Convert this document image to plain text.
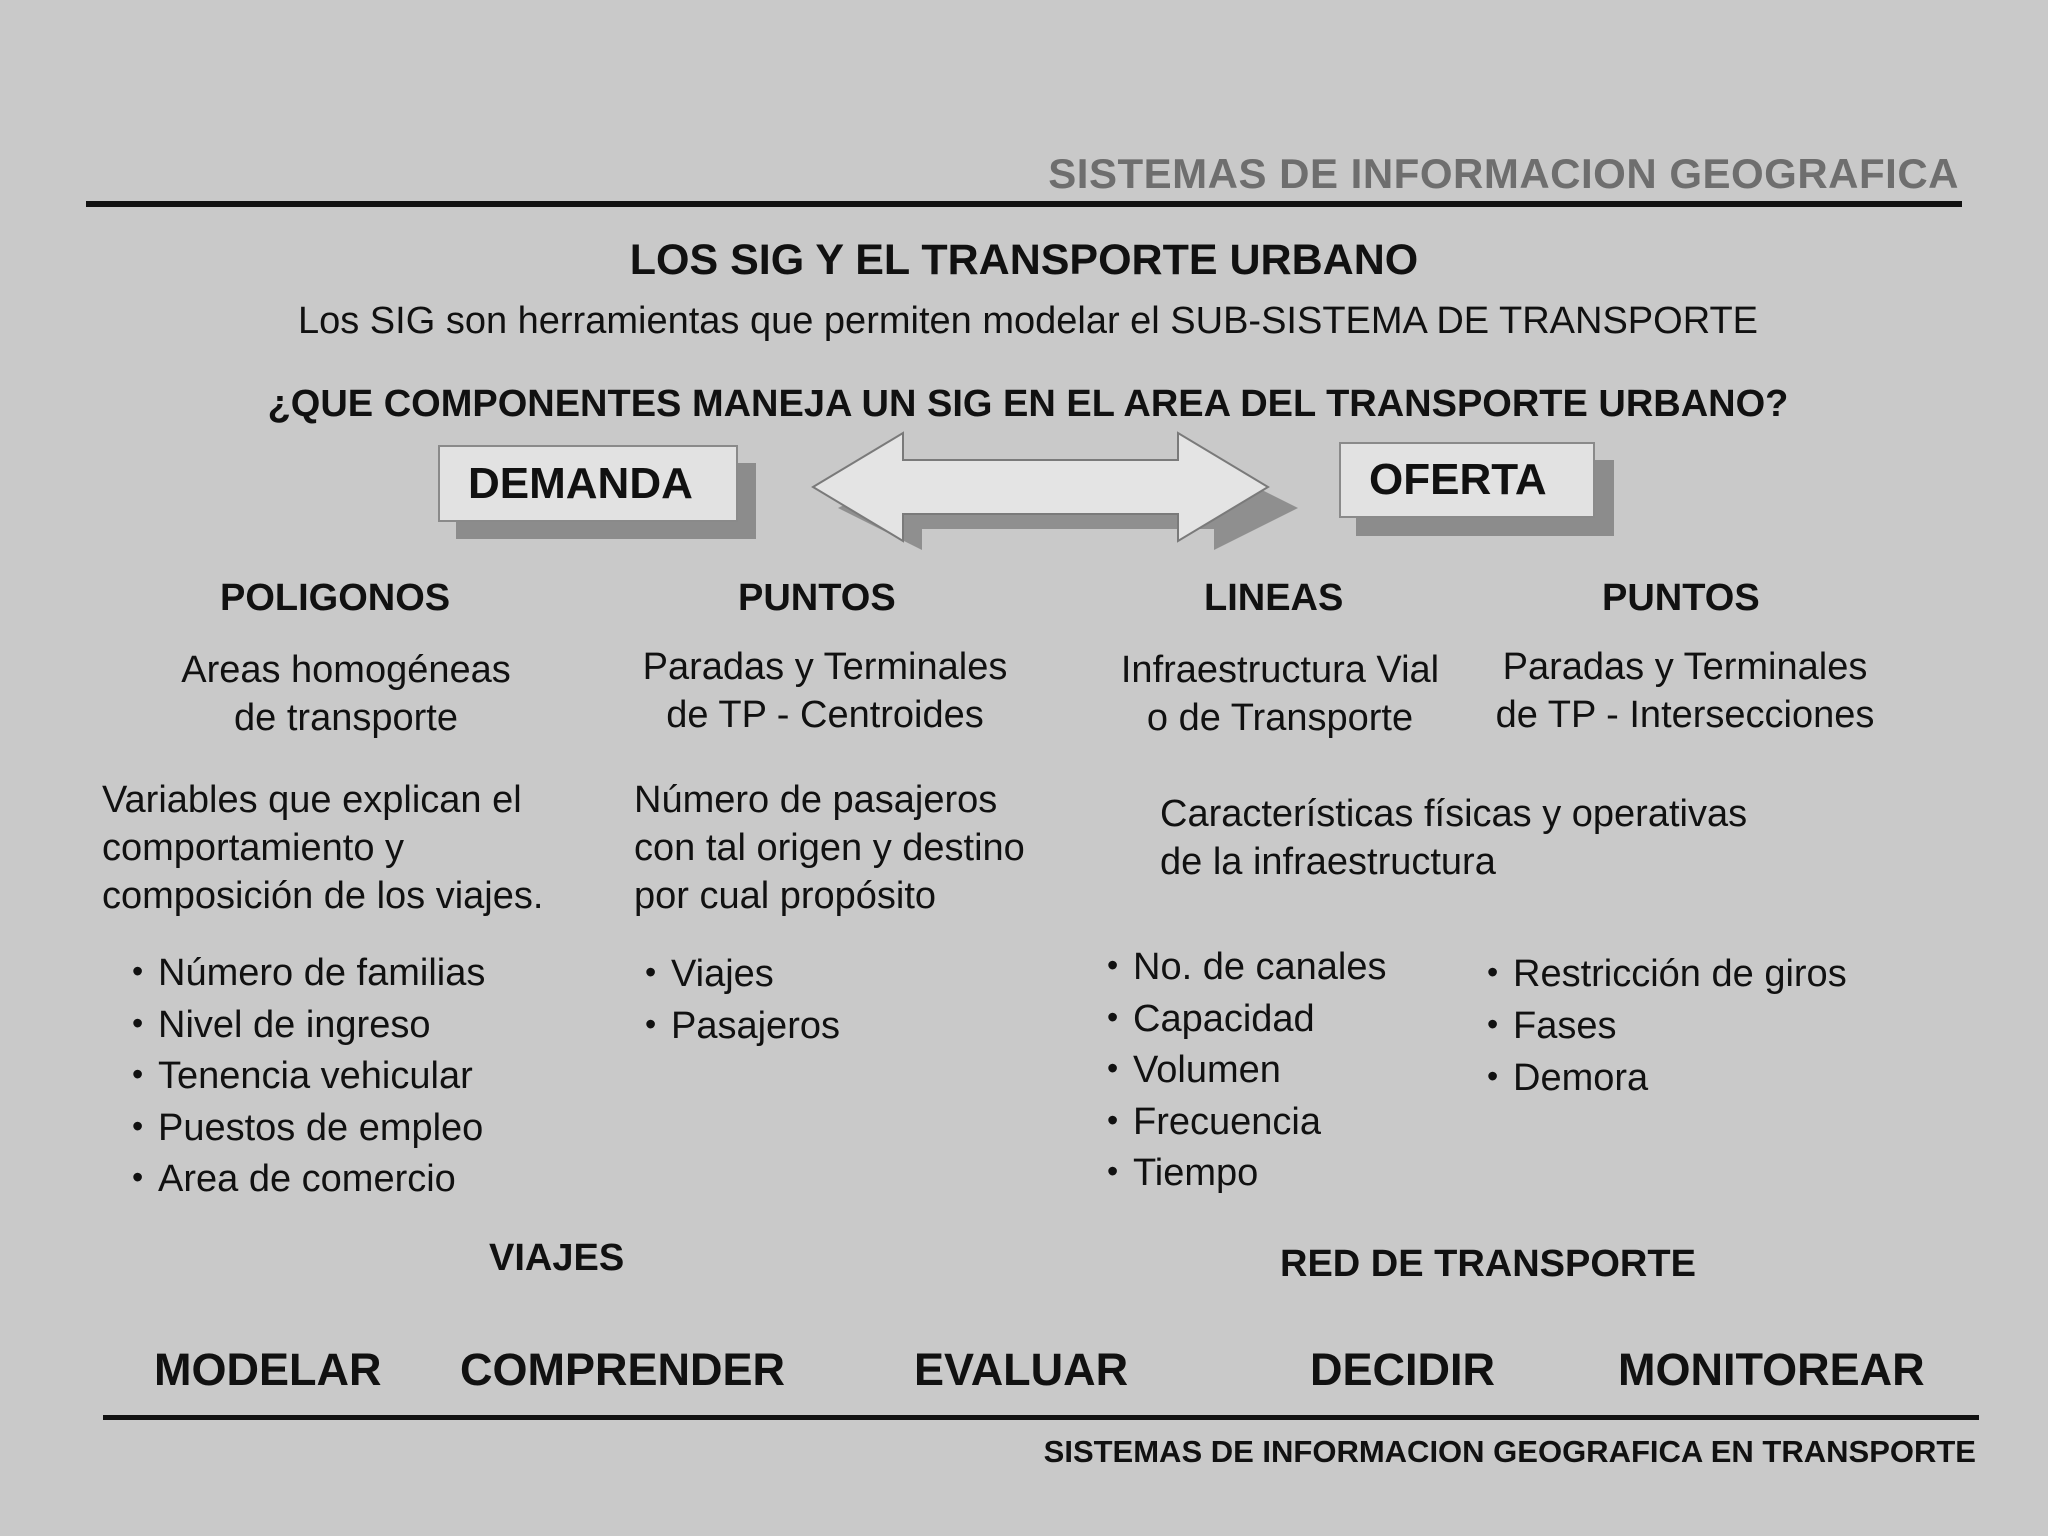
SISTEMAS DE INFORMACION GEOGRAFICA
LOS SIG Y EL TRANSPORTE URBANO
Los SIG son herramientas que permiten modelar el SUB-SISTEMA DE TRANSPORTE
¿QUE COMPONENTES MANEJA UN SIG EN EL AREA DEL TRANSPORTE URBANO?
DEMANDA	OFERTA
POLIGONOS	PUNTOS	LINEAS	PUNTOS
Areas homogéneas
de transporte
Paradas y Terminales
de TP - Centroides
Infraestructura Vial
o de Transporte
Paradas y Terminales
de TP - Intersecciones
Variables que explican el
comportamiento y
composición de los viajes.
Número de pasajeros
con tal origen y destino
por cual propósito
Características físicas y operativas
de la infraestructura
• Número de familias
• Nivel de ingreso
• Tenencia vehicular
• Puestos de empleo
• Area de comercio
• Viajes
• Pasajeros
• No. de canales
• Capacidad
• Volumen
• Frecuencia
• Tiempo
• Restricción de giros
• Fases
• Demora
VIAJES	RED DE TRANSPORTE
MODELAR COMPRENDER	EVALUAR	DECIDIR	MONITOREAR
SISTEMAS DE INFORMACION GEOGRAFICA EN TRANSPORTE
